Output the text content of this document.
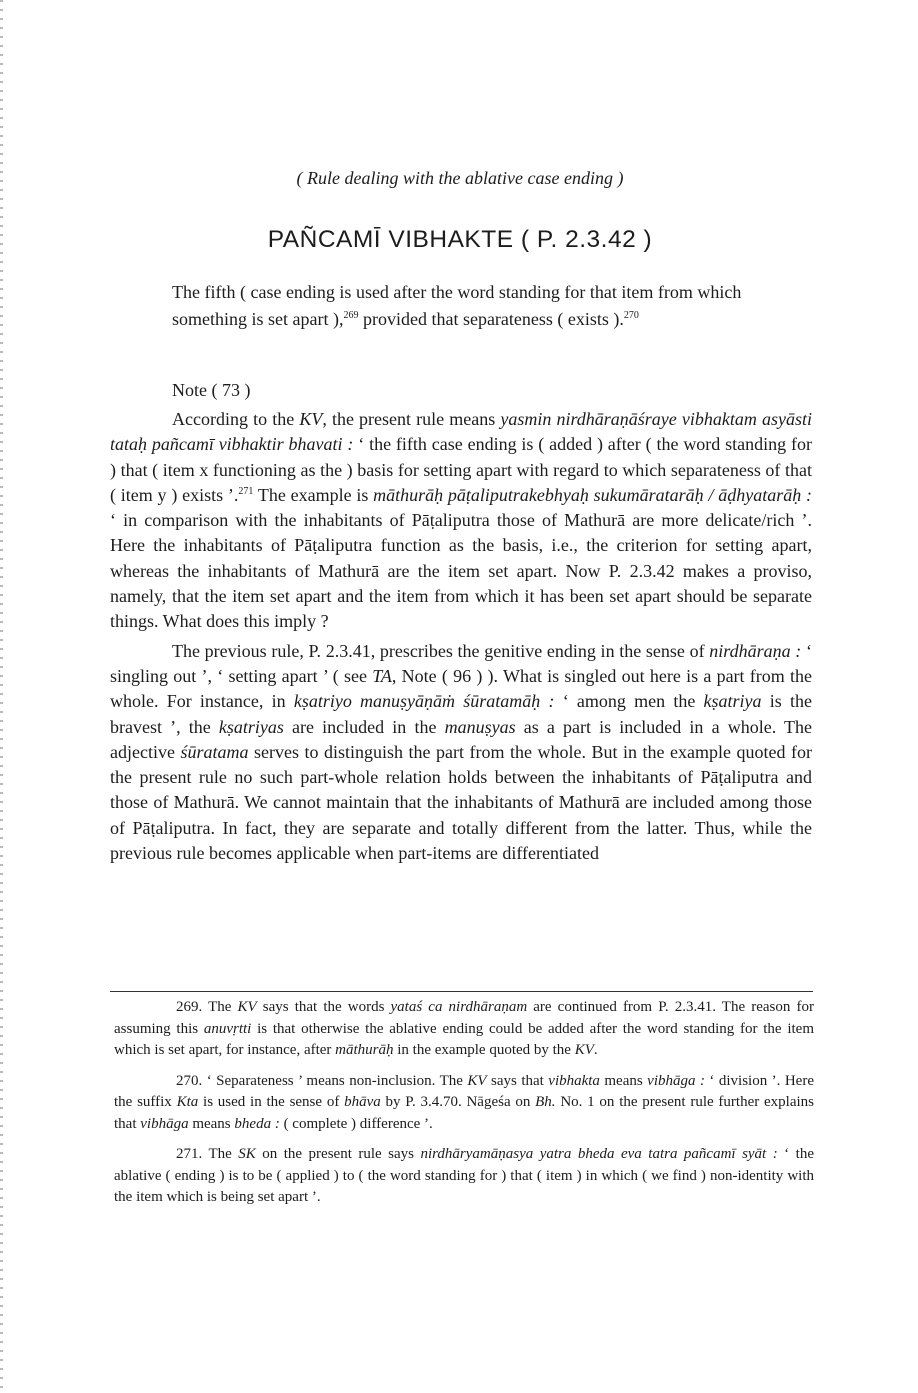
( Rule dealing with the ablative case ending )
PAÑCAMĪ VIBHAKTE ( P. 2.3.42 )
The fifth ( case ending is used after the word standing for that item from which something is set apart ),$^{269}$ provided that separateness ( exists ).$^{270}$
Note ( 73 )

According to the KV, the present rule means yasmin nirdhāraṇāśraye vibhaktam asyāsti tataḥ pañcamī vibhaktir bhavati : ‘ the fifth case ending is ( added ) after ( the word standing for ) that ( item x functioning as the ) basis for setting apart with regard to which separateness of that ( item y ) exists ’.$^{271}$ The example is māthurāḥ pāṭaliputrakebhyaḥ sukumāratarāḥ / āḍhyatarāḥ : ‘ in comparison with the inhabitants of Pāṭaliputra those of Mathurā are more delicate/rich ’. Here the inhabitants of Pāṭaliputra function as the basis, i.e., the criterion for setting apart, whereas the inhabitants of Mathurā are the item set apart. Now P. 2.3.42 makes a proviso, namely, that the item set apart and the item from which it has been set apart should be separate things. What does this imply ?

The previous rule, P. 2.3.41, prescribes the genitive ending in the sense of nirdhāraṇa : ‘ singling out ’, ‘ setting apart ’ ( see TA, Note ( 96 ) ). What is singled out here is a part from the whole. For instance, in kṣatriyo manuṣyāṇāṁ śūratamāḥ : ‘ among men the kṣatriya is the bravest ’, the kṣatriyas are included in the manuṣyas as a part is included in a whole. The adjective śūratama serves to distinguish the part from the whole. But in the example quoted for the present rule no such part-whole relation holds between the inhabitants of Pāṭaliputra and those of Mathurā. We cannot maintain that the inhabitants of Mathurā are included among those of Pāṭaliputra. In fact, they are separate and totally different from the latter. Thus, while the previous rule becomes applicable when part-items are differentiated

269. The KV says that the words yataś ca nirdhāraṇam are continued from P. 2.3.41. The reason for assuming this anuvṛtti is that otherwise the ablative ending could be added after the word standing for the item which is set apart, for instance, after māthurāḥ in the example quoted by the KV.

270. ‘ Separateness ’ means non-inclusion. The KV says that vibhakta means vibhāga : ‘ division ’. Here the suffix Kta is used in the sense of bhāva by P. 3.4.70. Nāgeśa on Bh. No. 1 on the present rule further explains that vibhāga means bheda : ( complete ) difference ’.

271. The SK on the present rule says nirdhāryamāṇasya yatra bheda eva tatra pañcamī syāt : ‘ the ablative ( ending ) is to be ( applied ) to ( the word standing for ) that ( item ) in which ( we find ) non-identity with the item which is being set apart ’.
